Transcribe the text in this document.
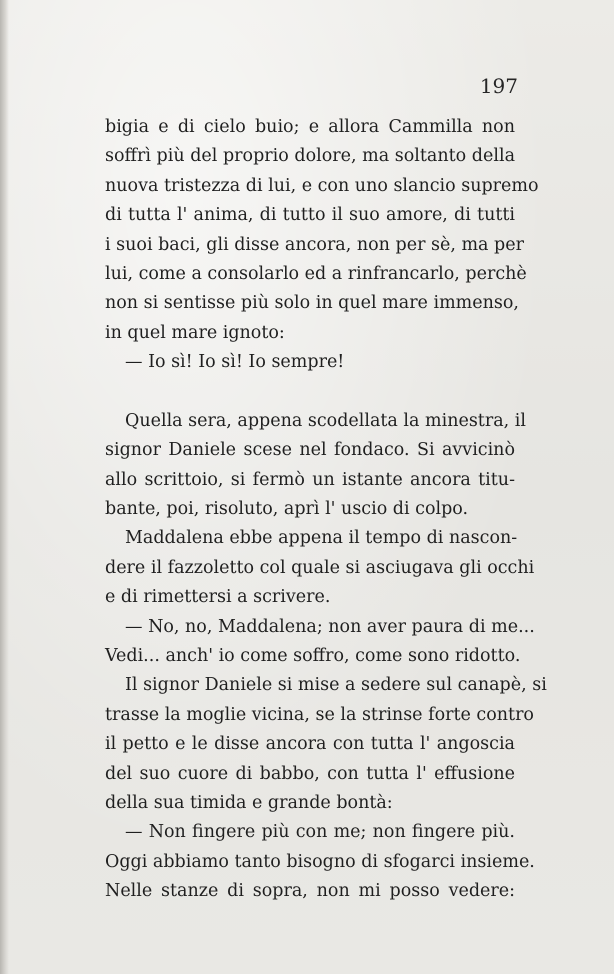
197
bigia e di cielo buio; e allora Cammilla non
soffrì più del proprio dolore, ma soltanto della
nuova tristezza di lui, e con uno slancio supremo
di tutta l' anima, di tutto il suo amore, di tutti
i suoi baci, gli disse ancora, non per sè, ma per
lui, come a consolarlo ed a rinfrancarlo, perchè
non si sentisse più solo in quel mare immenso,
in quel mare ignoto:
— Io sì! Io sì! Io sempre!
Quella sera, appena scodellata la minestra, il
signor Daniele scese nel fondaco. Si avvicinò
allo scrittoio, si fermò un istante ancora titu-
bante, poi, risoluto, aprì l' uscio di colpo.
Maddalena ebbe appena il tempo di nascon-
dere il fazzoletto col quale si asciugava gli occhi
e di rimettersi a scrivere.
— No, no, Maddalena; non aver paura di me...
Vedi... anch' io come soffro, come sono ridotto.
Il signor Daniele si mise a sedere sul canapè, si
trasse la moglie vicina, se la strinse forte contro
il petto e le disse ancora con tutta l' angoscia
del suo cuore di babbo, con tutta l' effusione
della sua timida e grande bontà:
— Non fingere più con me; non fingere più.
Oggi abbiamo tanto bisogno di sfogarci insieme.
Nelle stanze di sopra, non mi posso vedere:
